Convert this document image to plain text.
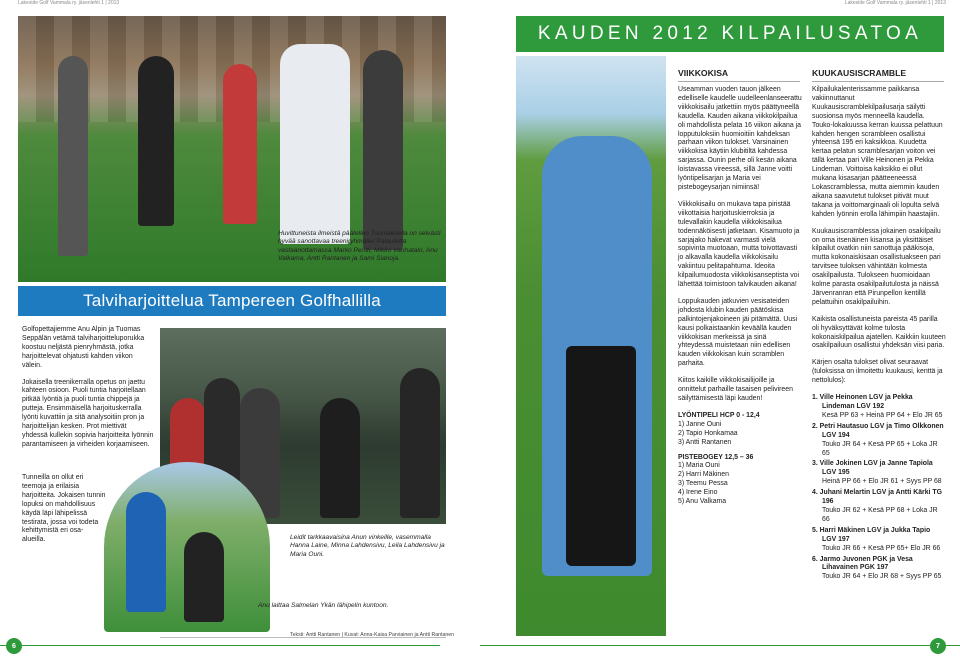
Lakeside Golf Vammala ry. jäsenlehti 1 | 2013	Lakeside Golf Vammala ry. jäsenlehti 1 | 2013
Huvittuneista ilmeistä päätellen Tuomaksella on selvästi hyvää sanottavaa treeniryhmälle! Palautetta vastaanottamassa Marko Peritti, Mikko Vanhatalo, Anu Valkama, Antti Rantanen ja Sami Sianoja.
Talviharjoittelua Tampereen Golfhallilla

Golfopettajiemme Anu Alpin ja Tuomas Seppälän vetämä talviharjoitteluporukka koostuu neljästä pienryhmästä, jotka harjoittelevat ohjatusti kahden viikon välein.

Jokaisella treenikerralla opetus on jaettu kahteen osioon. Puoli tuntia harjoitellaan pitkää lyöntiä ja puoli tuntia chippejä ja putteja. Ensimmäisellä harjoituskerralla lyönti kuvattiin ja sitä analysoitiin pron ja harjoittelijan kesken. Prot miettivät yhdessä kullekin sopivia harjoitteita lyönnin parantamiseen ja virheiden korjaamiseen.

Tunneilla on ollut eri teemoja ja erilaisia harjoitteita. Jokaisen tunnin lopuksi on mahdollisuus käydä läpi lähipelissä testirata, jossa voi todeta kehittymistä eri osa-alueilla.	Leidit tarkkaavaisina Anun vinkeille, vasemmalla Hanna Laine, Minna Lahdensivu, Leila Lahdensivu ja Maria Ouni.
Anu laittaa Salmelan Ykän lähipelin kuntoon.
Teksti: Antti Rantanen | Kuvat: Anna-Kaisa Parviainen ja Antti Rantanen
6
KAUDEN 2012 KILPAILUSATOA
VIIKKOKISA

Useamman vuoden tauon jälkeen edelliselle kaudelle uudelleenlanseerattu viikkokisailu jatkettiin myös päättyneellä kaudella. Kauden aikana viikkokilpailua oli mahdollista pelata 16 viikon aikana ja lopputuloksiin huomioitiin kahdeksan parhaan viikon tulokset. Varsinainen viikkokisa käytiin klubitiltä kahdessa sarjassa. Ounin perhe oli kesän aikana loistavassa vireessä, sillä Janne voitti lyöntipelisarjan ja Maria vei pistebogeysarjan nimiinsä!

Viikkokisailu on mukava tapa piristää viikottaisia harjoituskierroksia ja tulevallakin kaudella viikkokisailua todennäköisesti jatketaan. Kisamuoto ja sarjajako hakevat varmasti vielä sopivinta muotoaan, mutta toivottavasti jo alkavalla kaudella viikkokisailu vakiintuu pelitapahtuma. Ideoita kilpailumuodosta viikkokisanseptista voi lähettää toimistoon talvikauden aikana!

Loppukauden jatkuvien vesisateiden johdosta klubin kauden päätöskisa palkintojenjakoineen jäi pitämättä. Uusi kausi polkaistaankin keväällä kauden viikkokisan merkeissä ja sinä yhteydessä muistetaan niin edellisen kauden viikkokisan kuin scramblen parhaita.

Kiitos kaikille viikkokisailijoille ja onnittelut parhaille tasaisen pelivireen säilyttämisestä läpi kauden!

LYÖNTIPELI HCP 0 - 12,4
1) Janne Ouni
2) Tapio Honkamaa
3) Antti Rantanen
PISTEBOGEY 12,5 – 36
1) Maria Ouni
2) Harri Mäkinen
3) Teemu Pessa
4) Irene Eino
5) Anu Valkama
KUUKAUSISCRAMBLE

Kilpailukalenterissamme paikkansa vakiinnuttanut Kuukausiscramblekilpailusarja säilytti suosionsa myös menneellä kaudella. Touko-lokakuussa kerran kuussa pelattuun kahden hengen scrambleen osallistui yhteensä 195 eri kaksikkoa. Kuudetta kertaa pelatun scramblesarjan voiton vei tällä kertaa pari Ville Heinonen ja Pekka Lindeman. Voittoisa kaksikko ei ollut mukana kisasarjan päätteeneessä Lokascramblessa, mutta aiemmin kauden aikana saavutetut tulokset pitivät muut takana ja voittomarginaali oli lopulta selvä kahden lyönnin erolla lähimpiin haastajiin.

Kuukausiscramblessa jokainen osakilpailu on oma itsenäinen kisansa ja yksittäiset kilpailut ovatkin niin sanottuja pääkisoja, mutta kokonaiskisaan osallistuakseen pari tarvitsee tuloksen vähintään kolmesta osakilpailusta. Tulokseen huomioidaan kolme parasta osakilpailutulosta ja näissä Järvenranran että Pirunpellon kentillä pelattuihin osakilpailuihin.

Kaikista osallistuneista pareista 45 parilla oli hyväksyttävät kolme tulosta kokonaiskilpailua ajatellen. Kaikkiin kuuteen osakilpailuun osallistui yhdeksän viisi paria.

Kärjen osalta tulokset olivat seuraavat (tuloksissa on ilmoitettu kuukausi, kenttä ja nettolulos):

1. Ville Heinonen LGV ja Pekka Lindeman LGV 192
Kesä PP 63 + Heinä PP 64 + Elo JR 65
2. Petri Hautasuo LGV ja Timo Olkkonen LGV 194
Touko JR 64 + Kesä PP 65 + Loka JR 65
3. Ville Jokinen LGV ja Janne Tapiola LGV 195
Heinä PP 66 + Elo JR 61 + Syys PP 68
4. Juhani Melartin LGV ja Antti Kärki TG 196
Touko JR 62 + Kesä PP 68 + Loka JR 66
5. Harri Mäkinen LGV ja Jukka Tapio LGV 197
Touko JR 66 + Kesä PP 65+ Elo JR 66
6. Jarmo Juvonen PGK ja Vesa Lihavainen PGK 197
Touko JR 64 + Elo JR 68 + Syys PP 65
7
